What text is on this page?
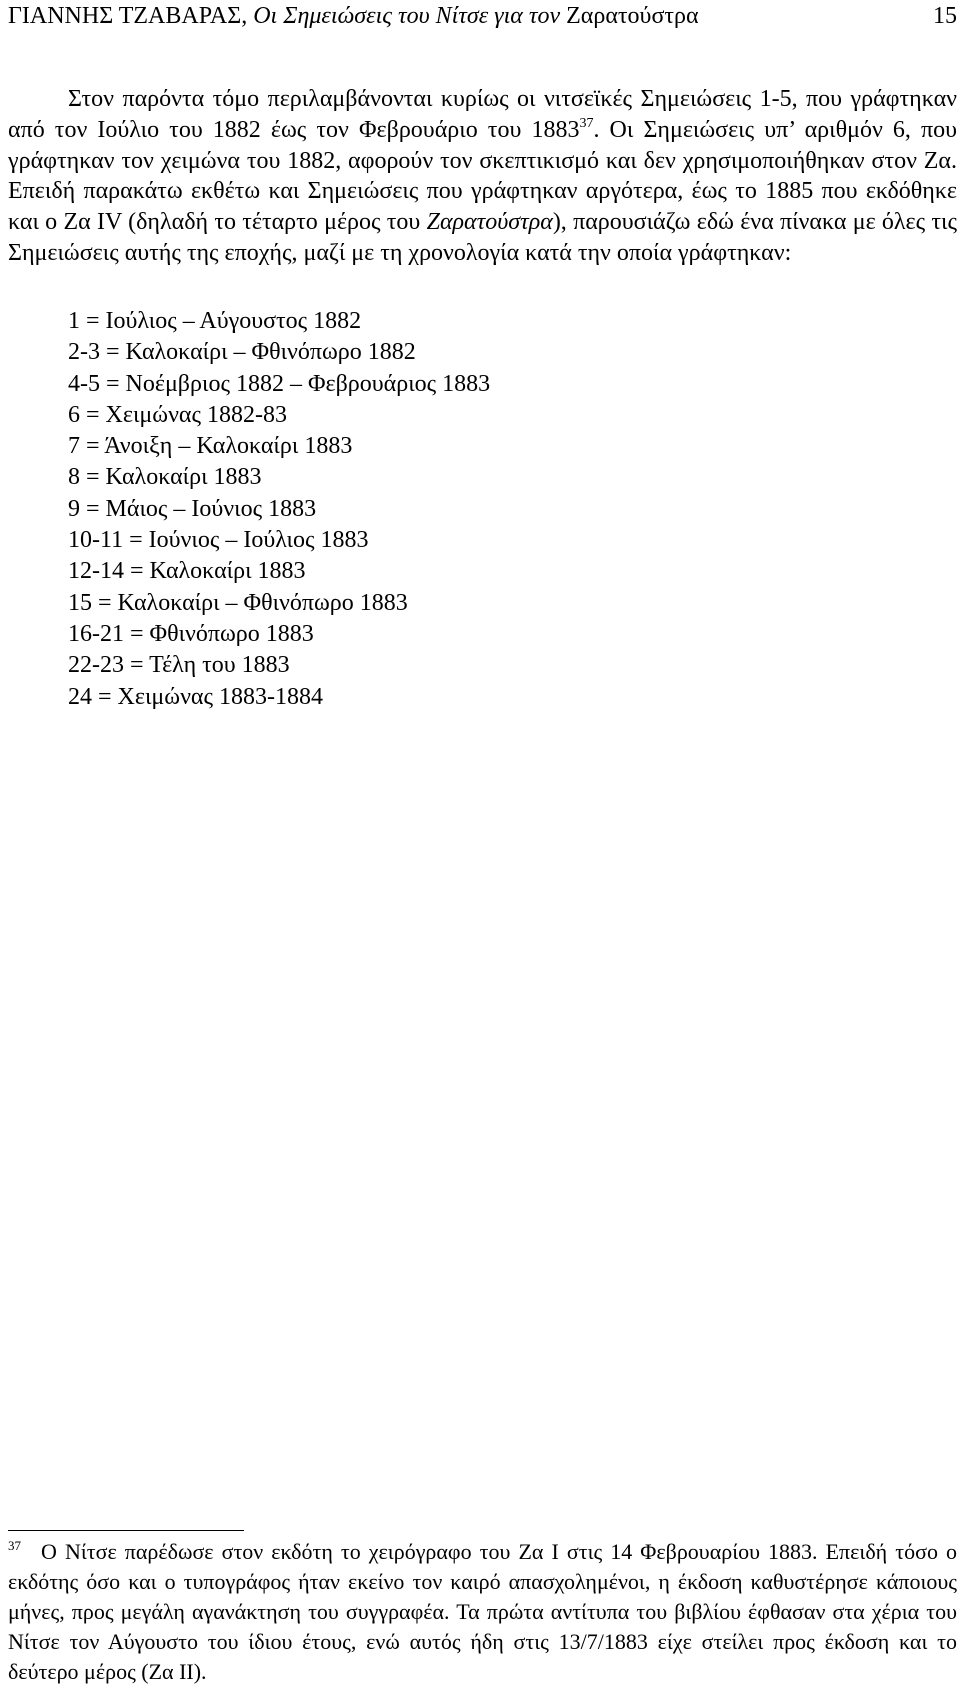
ΓΙΑΝΝΗΣ ΤΖΑΒΑΡΑΣ, Οι Σημειώσεις του Νίτσε για τον Ζαρατούστρα	15

Στον παρόντα τόμο περιλαμβάνονται κυρίως οι νιτσεϊκές Σημειώσεις 1-5, που γράφτηκαν από τον Ιούλιο του 1882 έως τον Φεβρουάριο του 1883$^{37}$. Οι Σημειώσεις υπ’ αριθμόν 6, που γράφτηκαν τον χειμώνα του 1882, αφορούν τον σκεπτικισμό και δεν χρησιμοποιήθηκαν στον Ζα. Επειδή παρακάτω εκθέτω και Σημειώσεις που γράφτηκαν αργότερα, έως το 1885 που εκδόθηκε και ο Ζα IV (δηλαδή το τέταρτο μέρος του Ζαρατούστρα), παρουσιάζω εδώ ένα πίνακα με όλες τις Σημειώσεις αυτής της εποχής, μαζί με τη χρονολογία κατά την οποία γράφτηκαν:

1 = Ιούλιος – Αύγουστος 1882
2-3 = Καλοκαίρι – Φθινόπωρο 1882
4-5 = Νοέμβριος 1882 – Φεβρουάριος 1883
6 = Χειμώνας 1882-83
7 = Άνοιξη – Καλοκαίρι 1883
8 = Καλοκαίρι 1883
9 = Μάιος – Ιούνιος 1883
10-11 = Ιούνιος – Ιούλιος 1883
12-14 = Καλοκαίρι 1883
15 = Καλοκαίρι – Φθινόπωρο 1883
16-21 = Φθινόπωρο 1883
22-23 = Τέλη του 1883
24 = Χειμώνας 1883-1884

$^{37}$ Ο Νίτσε παρέδωσε στον εκδότη το χειρόγραφο του Ζα I στις 14 Φεβρουαρίου 1883. Επειδή τόσο ο εκδότης όσο και ο τυπογράφος ήταν εκείνο τον καιρό απασχολημένοι, η έκδοση καθυστέρησε κάποιους μήνες, προς μεγάλη αγανάκτηση του συγγραφέα. Τα πρώτα αντίτυπα του βιβλίου έφθασαν στα χέρια του Νίτσε τον Αύγουστο του ίδιου έτους, ενώ αυτός ήδη στις 13/7/1883 είχε στείλει προς έκδοση και το δεύτερο μέρος (Ζα II).
